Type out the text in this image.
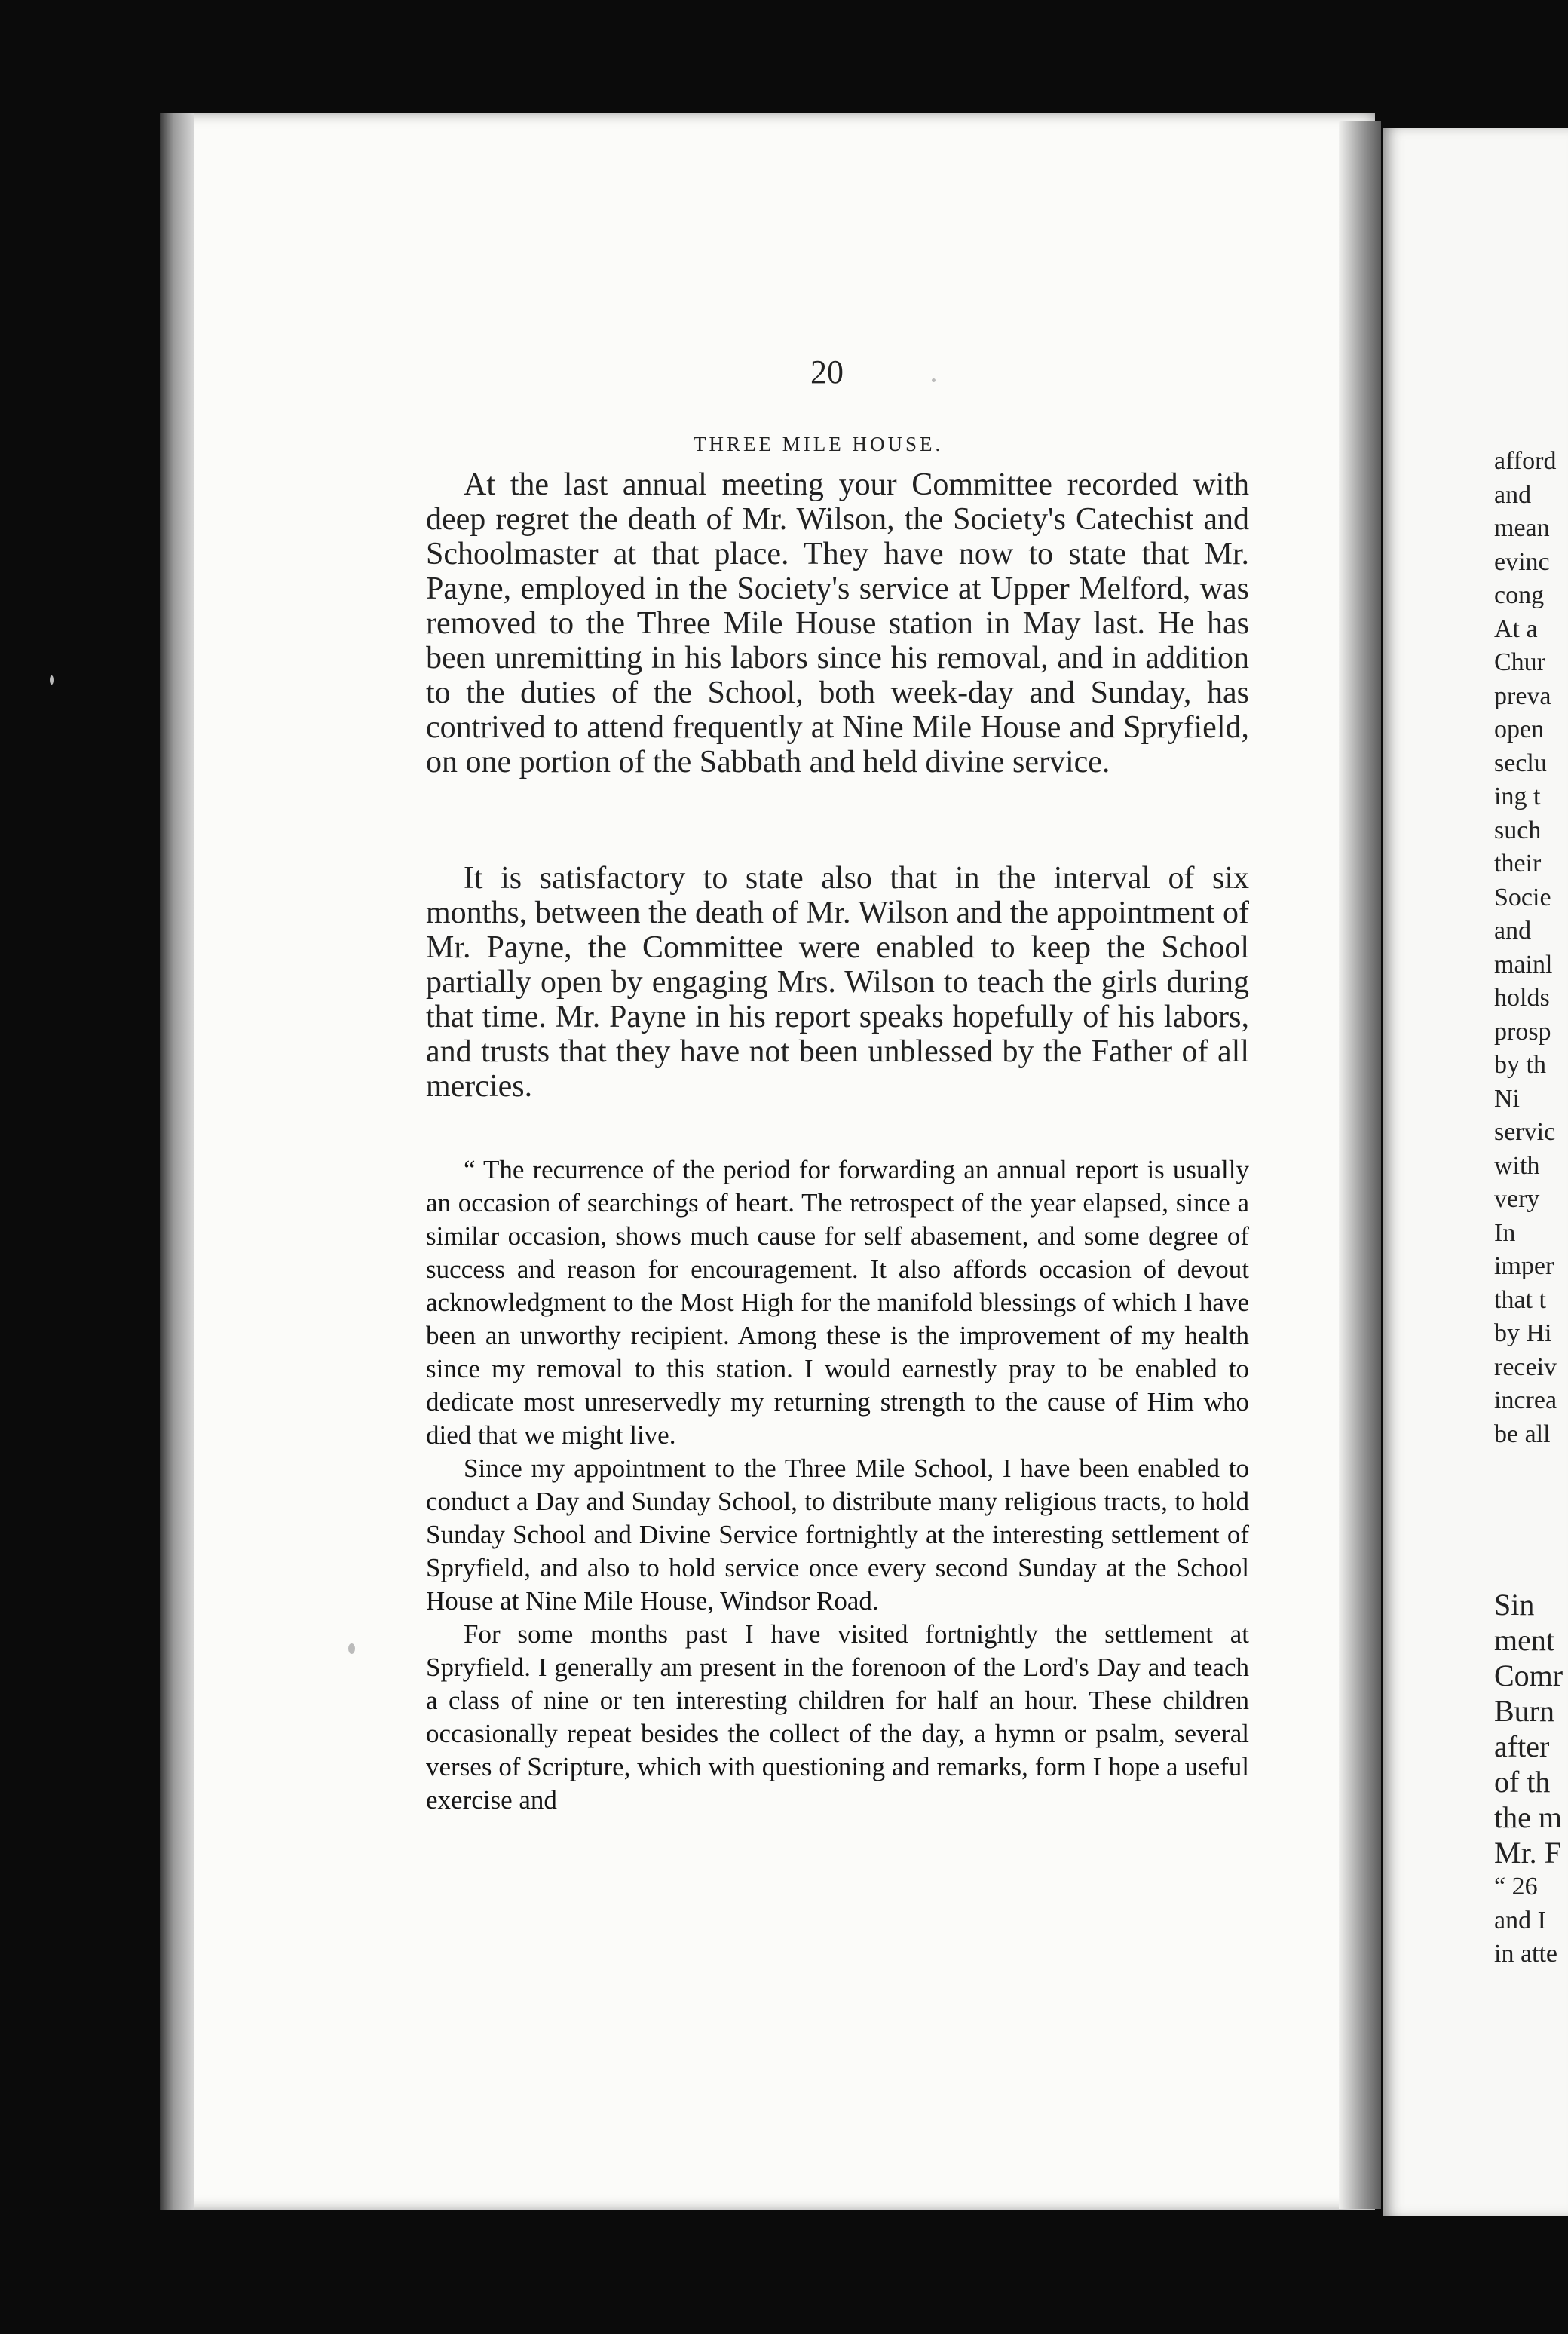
20
THREE MILE HOUSE.

At the last annual meeting your Committee recorded with deep regret the death of Mr. Wilson, the Society's Catechist and Schoolmaster at that place. They have now to state that Mr. Payne, employed in the Society's service at Upper Melford, was removed to the Three Mile House station in May last. He has been unremitting in his labors since his removal, and in addition to the duties of the School, both week-day and Sunday, has contrived to attend frequently at Nine Mile House and Spryfield, on one portion of the Sabbath and held divine service.

It is satisfactory to state also that in the interval of six months, between the death of Mr. Wilson and the appointment of Mr. Payne, the Committee were enabled to keep the School partially open by engaging Mrs. Wilson to teach the girls during that time. Mr. Payne in his report speaks hopefully of his labors, and trusts that they have not been unblessed by the Father of all mercies.

“ The recurrence of the period for forwarding an annual report is usually an occasion of searchings of heart. The retrospect of the year elapsed, since a similar occasion, shows much cause for self abasement, and some degree of success and reason for encouragement. It also affords occasion of devout acknowledgment to the Most High for the manifold blessings of which I have been an unworthy recipient. Among these is the improvement of my health since my removal to this station. I would earnestly pray to be enabled to dedicate most unreservedly my returning strength to the cause of Him who died that we might live.

Since my appointment to the Three Mile School, I have been enabled to conduct a Day and Sunday School, to distribute many religious tracts, to hold Sunday School and Divine Service fortnightly at the interesting settlement of Spryfield, and also to hold service once every second Sunday at the School House at Nine Mile House, Windsor Road.

For some months past I have visited fortnightly the settlement at Spryfield. I generally am present in the forenoon of the Lord's Day and teach a class of nine or ten interesting children for half an hour. These children occasionally repeat besides the collect of the day, a hymn or psalm, several verses of Scripture, which with questioning and remarks, form I hope a useful exercise and

afford
and
mean
evinc
cong
At a
Chur
preva
open
seclu
ing t
such
their
Socie
and
mainl
holds
prosp
by th
Ni
servic
with
very
In
imper
that t
by Hi
receiv
increa
be all
Sin
ment
Comr
Burn
after
of th
the m
Mr. F
“ 26
and I
in atte
